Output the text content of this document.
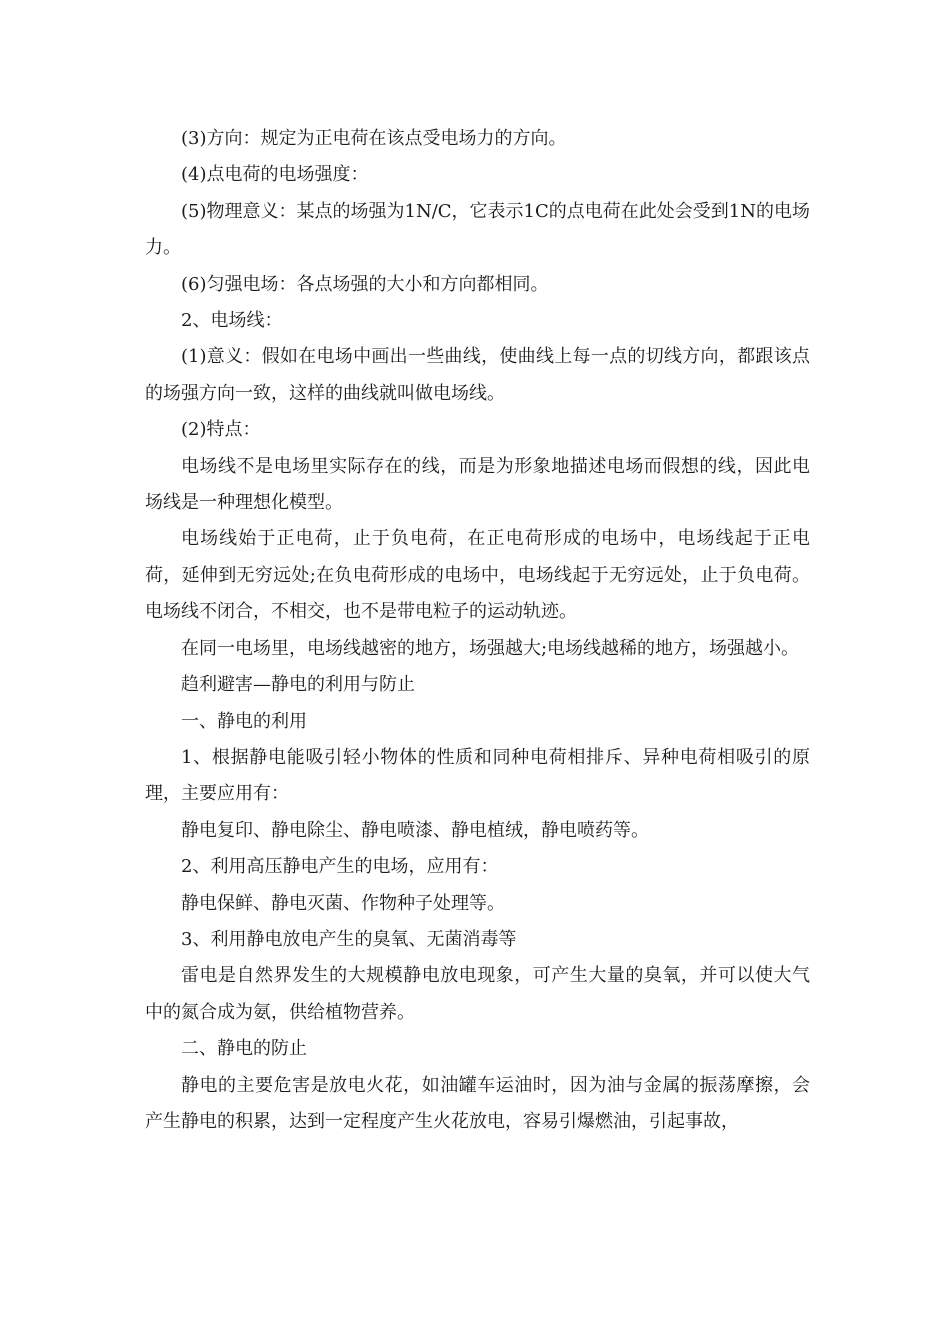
(3)方向：规定为正电荷在该点受电场力的方向。

(4)点电荷的电场强度：

(5)物理意义：某点的场强为1N/C，它表示1C的点电荷在此处会受到1N的电场力。

(6)匀强电场：各点场强的大小和方向都相同。

2、电场线：

(1)意义：假如在电场中画出一些曲线，使曲线上每一点的切线方向，都跟该点的场强方向一致，这样的曲线就叫做电场线。

(2)特点：

电场线不是电场里实际存在的线，而是为形象地描述电场而假想的线，因此电场线是一种理想化模型。

电场线始于正电荷，止于负电荷，在正电荷形成的电场中，电场线起于正电荷，延伸到无穷远处;在负电荷形成的电场中，电场线起于无穷远处，止于负电荷。电场线不闭合，不相交，也不是带电粒子的运动轨迹。

在同一电场里，电场线越密的地方，场强越大;电场线越稀的地方，场强越小。

趋利避害—静电的利用与防止

一、静电的利用

1、根据静电能吸引轻小物体的性质和同种电荷相排斥、异种电荷相吸引的原理，主要应用有：

静电复印、静电除尘、静电喷漆、静电植绒，静电喷药等。

2、利用高压静电产生的电场，应用有：

静电保鲜、静电灭菌、作物种子处理等。

3、利用静电放电产生的臭氧、无菌消毒等

雷电是自然界发生的大规模静电放电现象，可产生大量的臭氧，并可以使大气中的氮合成为氨，供给植物营养。

二、静电的防止

静电的主要危害是放电火花，如油罐车运油时，因为油与金属的振荡摩擦，会产生静电的积累，达到一定程度产生火花放电，容易引爆燃油，引起事故，
